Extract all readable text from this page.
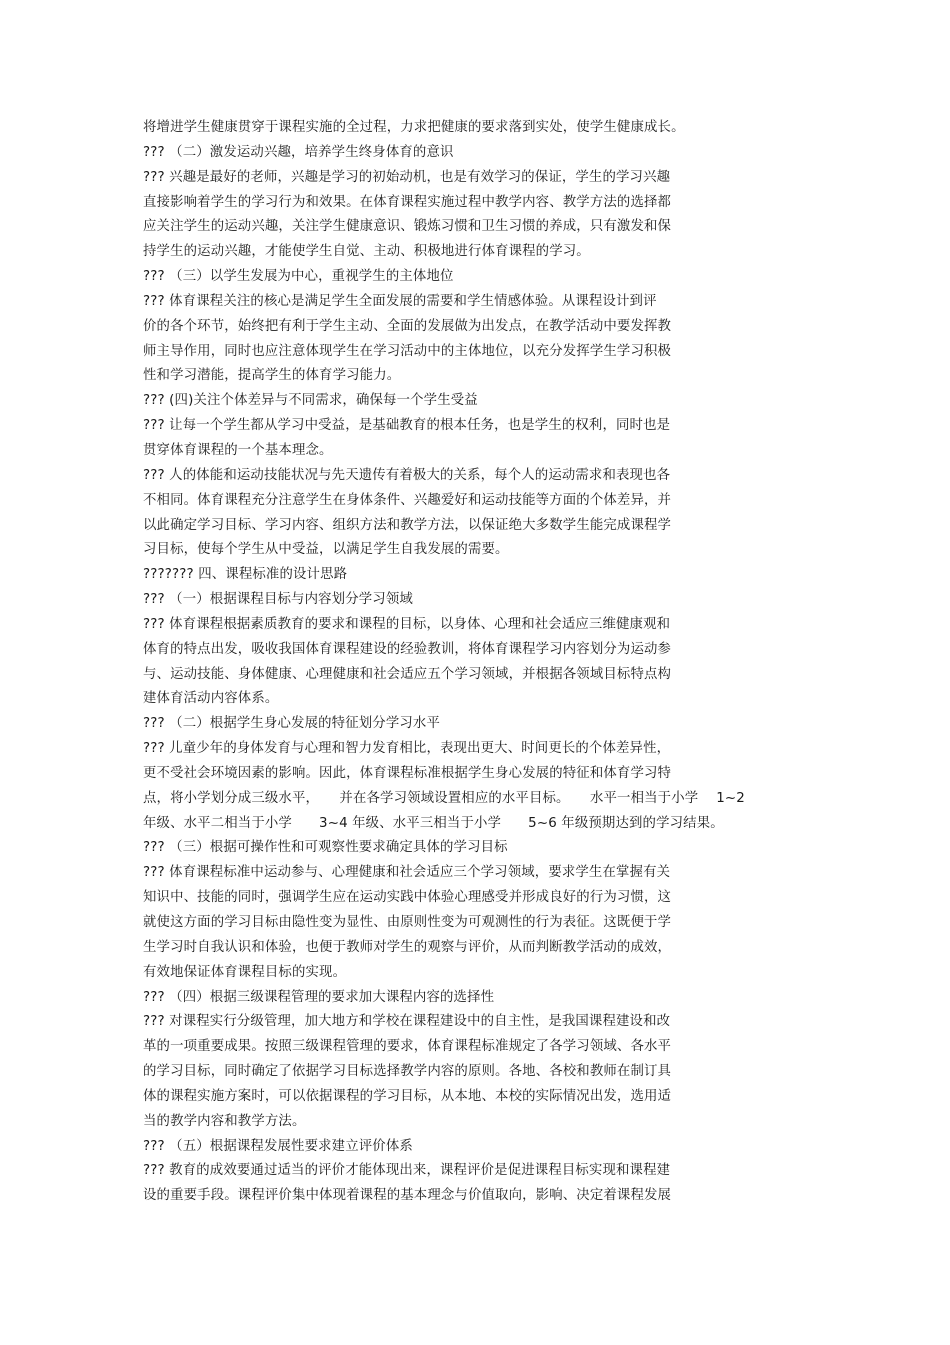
将增进学生健康贯穿于课程实施的全过程，力求把健康的要求落到实处，使学生健康成长。
??? （二）激发运动兴趣，培养学生终身体育的意识
??? 兴趣是最好的老师，兴趣是学习的初始动机，也是有效学习的保证，学生的学习兴趣
直接影响着学生的学习行为和效果。在体育课程实施过程中教学内容、教学方法的选择都
应关注学生的运动兴趣，关注学生健康意识、锻炼习惯和卫生习惯的养成，只有激发和保
持学生的运动兴趣，才能使学生自觉、主动、积极地进行体育课程的学习。
??? （三）以学生发展为中心，重视学生的主体地位
??? 体育课程关注的核心是满足学生全面发展的需要和学生情感体验。从课程设计到评
价的各个环节，始终把有利于学生主动、全面的发展做为出发点，在教学活动中要发挥教
师主导作用，同时也应注意体现学生在学习活动中的主体地位，以充分发挥学生学习积极
性和学习潜能，提高学生的体育学习能力。
??? (四)关注个体差异与不同需求，确保每一个学生受益
??? 让每一个学生都从学习中受益，是基础教育的根本任务，也是学生的权利，同时也是
贯穿体育课程的一个基本理念。
??? 人的体能和运动技能状况与先天遗传有着极大的关系，每个人的运动需求和表现也各
不相同。体育课程充分注意学生在身体条件、兴趣爱好和运动技能等方面的个体差异，并
以此确定学习目标、学习内容、组织方法和教学方法，以保证绝大多数学生能完成课程学
习目标，使每个学生从中受益，以满足学生自我发展的需要。
??????? 四、课程标准的设计思路
??? （一）根据课程目标与内容划分学习领域
??? 体育课程根据素质教育的要求和课程的目标，以身体、心理和社会适应三维健康观和
体育的特点出发，吸收我国体育课程建设的经验教训，将体育课程学习内容划分为运动参
与、运动技能、身体健康、心理健康和社会适应五个学习领域，并根据各领域目标特点构
建体育活动内容体系。
??? （二）根据学生身心发展的特征划分学习水平
??? 儿童少年的身体发育与心理和智力发育相比，表现出更大、时间更长的个体差异性，
更不受社会环境因素的影响。因此，体育课程标准根据学生身心发展的特征和体育学习特
点，将小学划分成三级水平，　　并在各学习领域设置相应的水平目标。　　水平一相当于小学　 1~2
年级、水平二相当于小学　　3~4 年级、水平三相当于小学　　5~6 年级预期达到的学习结果。
??? （三）根据可操作性和可观察性要求确定具体的学习目标
??? 体育课程标准中运动参与、心理健康和社会适应三个学习领域，要求学生在掌握有关
知识中、技能的同时，强调学生应在运动实践中体验心理感受并形成良好的行为习惯，这
就使这方面的学习目标由隐性变为显性、由原则性变为可观测性的行为表征。这既便于学
生学习时自我认识和体验，也便于教师对学生的观察与评价，从而判断教学活动的成效，
有效地保证体育课程目标的实现。
??? （四）根据三级课程管理的要求加大课程内容的选择性
??? 对课程实行分级管理，加大地方和学校在课程建设中的自主性，是我国课程建设和改
革的一项重要成果。按照三级课程管理的要求，体育课程标准规定了各学习领域、各水平
的学习目标，同时确定了依据学习目标选择教学内容的原则。各地、各校和教师在制订具
体的课程实施方案时，可以依据课程的学习目标，从本地、本校的实际情况出发，选用适
当的教学内容和教学方法。
??? （五）根据课程发展性要求建立评价体系
??? 教育的成效要通过适当的评价才能体现出来，课程评价是促进课程目标实现和课程建
设的重要手段。课程评价集中体现着课程的基本理念与价值取向，影响、决定着课程发展
